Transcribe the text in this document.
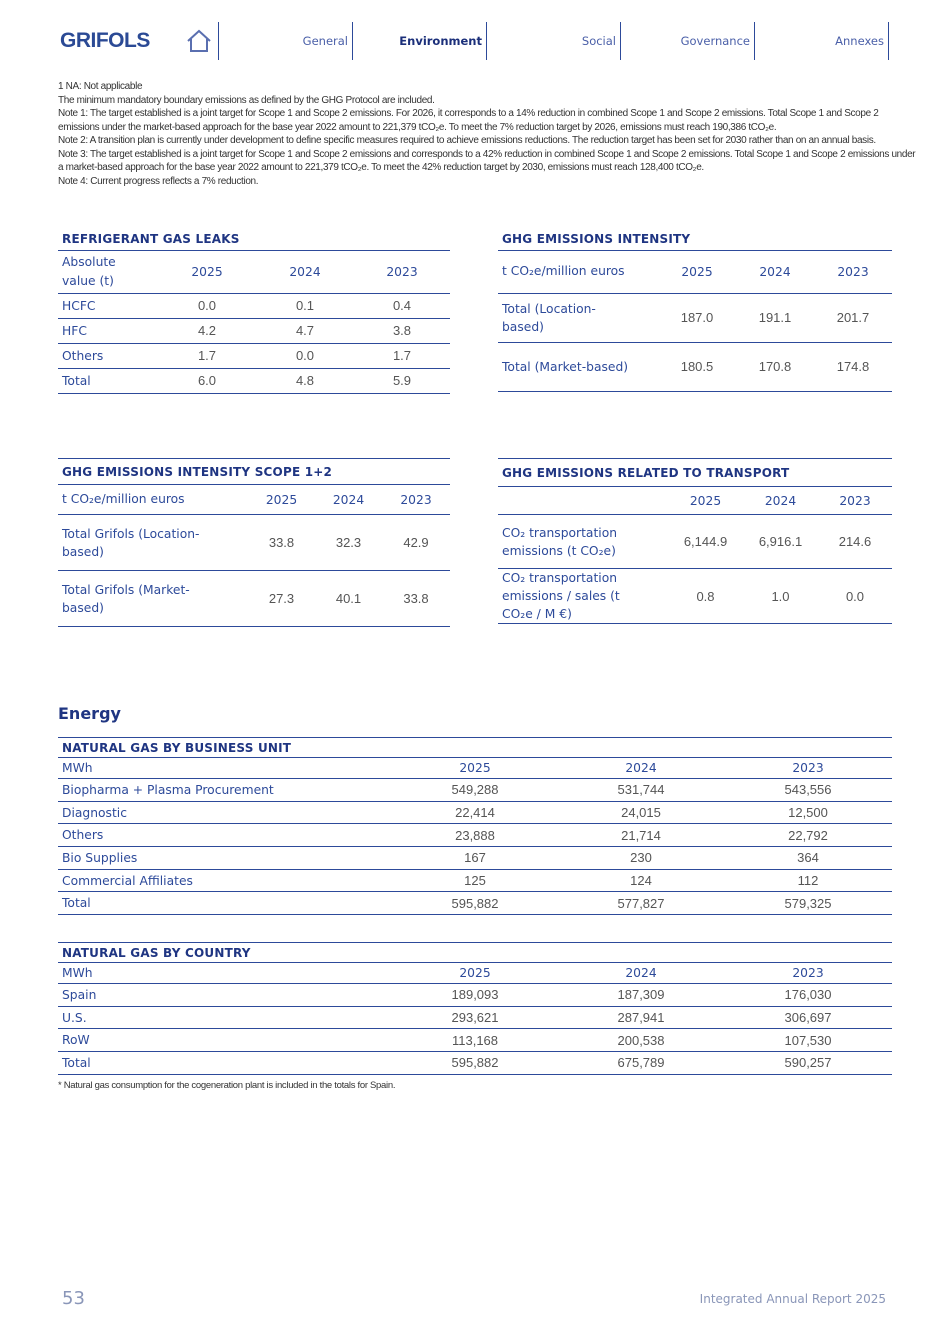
GRIFOLS	General	Environment	Social	Governance	Annexes
1 NA: Not applicable
The minimum mandatory boundary emissions as defined by the GHG Protocol are included.
Note 1: The target established is a joint target for Scope 1 and Scope 2 emissions. For 2026, it corresponds to a 14% reduction in combined Scope 1 and Scope 2 emissions. Total Scope 1 and Scope 2
emissions under the market-based approach for the base year 2022 amount to 221,379 tCO₂e. To meet the 7% reduction target by 2026, emissions must reach 190,386 tCO₂e.
Note 2: A transition plan is currently under development to define specific measures required to achieve emissions reductions. The reduction target has been set for 2030 rather than on an annual basis.
Note 3: The target established is a joint target for Scope 1 and Scope 2 emissions and corresponds to a 42% reduction in combined Scope 1 and Scope 2 emissions. Total Scope 1 and Scope 2 emissions under
a market-based approach for the base year 2022 amount to 221,379 tCO₂e. To meet the 42% reduction target by 2030, emissions must reach 128,400 tCO₂e.
Note 4: Current progress reflects a 7% reduction.
REFRIGERANT GAS LEAKS			

Absolute value (t)	2025	2024	2023

HCFC	0.0	0.1	0.4

HFC	4.2	4.7	3.8

Others	1.7	0.0	1.7

Total	6.0	4.8	5.9
GHG EMISSIONS INTENSITY			

t CO₂e/million euros	2025	2024	2023

Total (Location- based)	187.0	191.1	201.7

Total (Market-based)	180.5	170.8	174.8
GHG EMISSIONS INTENSITY SCOPE 1+2			

t CO₂e/million euros	2025	2024	2023

Total Grifols (Location-based)	33.8	32.3	42.9

Total Grifols (Market-based)	27.3	40.1	33.8
GHG EMISSIONS RELATED TO TRANSPORT			

	2025	2024	2023

CO₂ transportation emissions (t CO₂e)	6,144.9	6,916.1	214.6

CO₂ transportation emissions / sales (t CO₂e / M €)	0.8	1.0	0.0
NATURAL GAS BY BUSINESS UNIT			

MWh	2025	2024	2023

Biopharma + Plasma Procurement	549,288	531,744	543,556

Diagnostic	22,414	24,015	12,500

Others	23,888	21,714	22,792

Bio Supplies	167	230	364

Commercial Affiliates	125	124	112

Total	595,882	577,827	579,325
NATURAL GAS BY COUNTRY			

MWh	2025	2024	2023

Spain	189,093	187,309	176,030

U.S.	293,621	287,941	306,697

RoW	113,168	200,538	107,530

Total	595,882	675,789	590,257
Energy
* Natural gas consumption for the cogeneration plant is included in the totals for Spain.
53	Integrated Annual Report 2025
